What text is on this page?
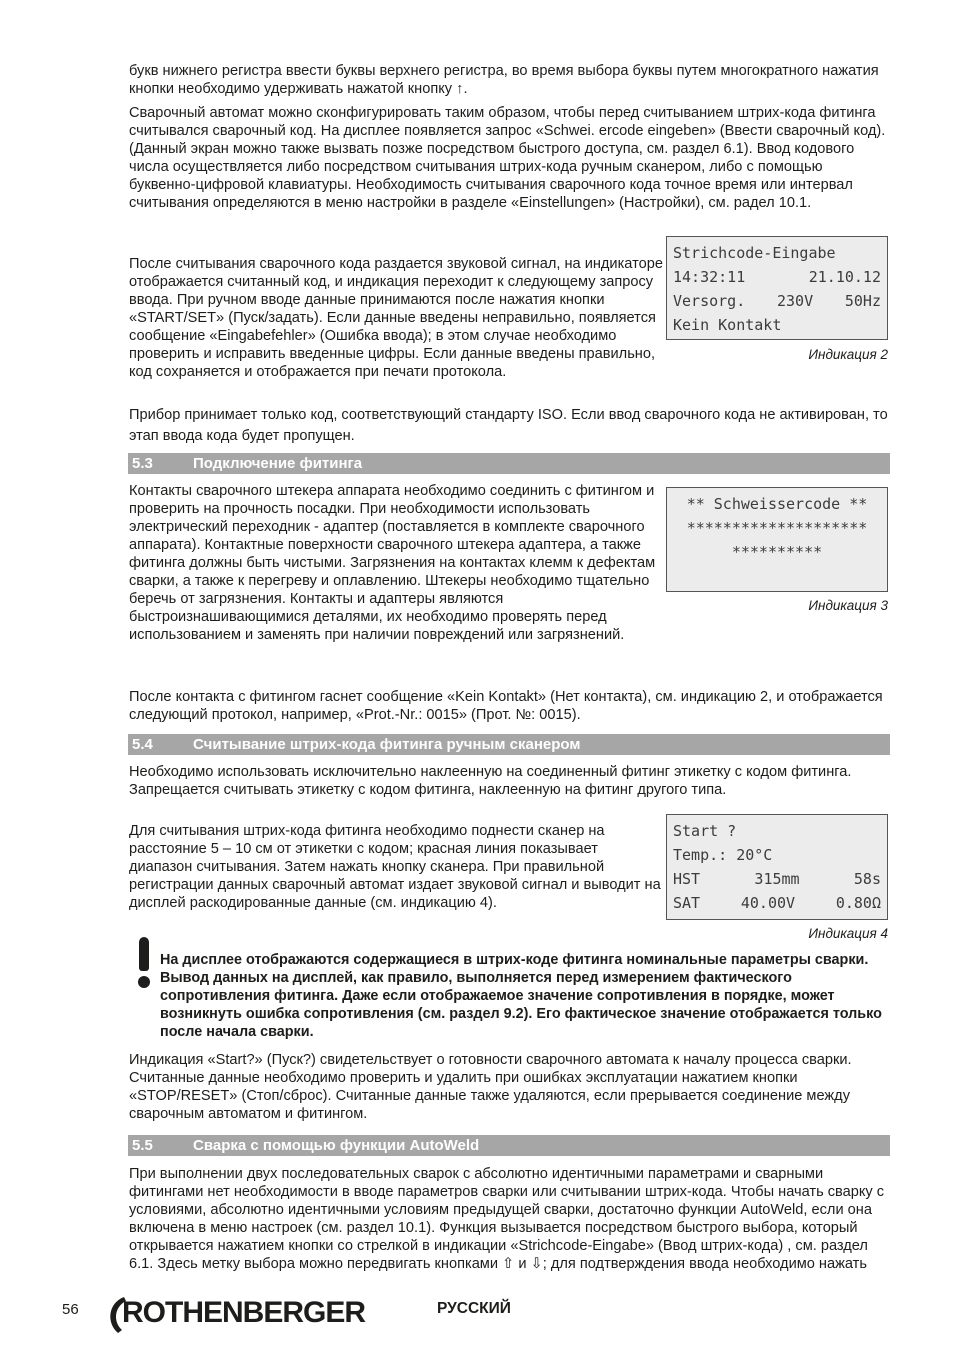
букв нижнего регистра ввести буквы верхнего регистра, во время выбора буквы путем многократного нажатия кнопки необходимо удерживать нажатой кнопку ↑.

Сварочный автомат можно сконфигурировать таким образом, чтобы перед считыванием штрих-кода фитинга считывался сварочный код. На дисплее появляется запрос «Schwei. ercode eingeben» (Ввести сварочный код). (Данный экран можно также вызвать позже посредством быстрого доступа, см. раздел 6.1). Ввод кодового числа осуществляется либо посредством считывания штрих-кода ручным сканером, либо с помощью буквенно-цифровой клавиатуры. Необходимость считывания сварочного кода точное время или интервал считывания определяются в меню настройки в разделе «Einstellungen» (Настройки), см. радел 10.1.

После считывания сварочного кода раздается звуковой сигнал, на индикаторе отображается считанный код, и индикация переходит к следующему запросу ввода. При ручном вводе данные принимаются после нажатия кнопки «START/SET» (Пуск/задать). Если данные введены неправильно, появляется сообщение «Eingabefehler» (Ошибка ввода); в этом случае необходимо проверить и исправить введенные цифры. Если данные введены правильно, код сохраняется и отображается при печати протокола.

Strichcode-Eingabe
14:32:11	21.10.12
Versorg. 230V 50Hz
Kein Kontakt
Индикация 2

Прибор принимает только код, соответствующий стандарту ISO. Если ввод сварочного кода не активирован, то этап ввода кода будет пропущен.

5.3	Подключение фитинга

Контакты сварочного штекера аппарата необходимо соединить с фитингом и проверить на прочность посадки. При необходимости использовать электрический переходник - адаптер (поставляется в комплекте сварочного аппарата). Контактные поверхности сварочного штекера адаптера, а также фитинга должны быть чистыми. Загрязнения на контактах клемм к дефектам сварки, а также к перегреву и оплавлению. Штекеры необходимо тщательно беречь от загрязнения. Контакты и адаптеры являются быстроизнашивающимися деталями, их необходимо проверять перед использованием и заменять при наличии повреждений или загрязнений.

** Schweissercode **
********************
**********
Индикация 3

После контакта с фитингом гаснет сообщение «Kein Kontakt» (Нет контакта), см. индикацию 2, и отображается следующий протокол, например, «Prot.-Nr.: 0015» (Прот. №: 0015).

5.4	Считывание штрих-кода фитинга ручным сканером

Необходимо использовать исключительно наклеенную на соединенный фитинг этикетку с кодом фитинга. Запрещается считывать этикетку с кодом фитинга, наклеенную на фитинг другого типа.

Для считывания штрих-кода фитинга необходимо поднести сканер на расстояние 5 – 10 см от этикетки с кодом; красная линия показывает диапазон считывания. Затем нажать кнопку сканера. При правильной регистрации данных сварочный автомат издает звуковой сигнал и выводит на дисплей раскодированные данные (см. индикацию 4).

Start ?
Temp.: 20°C
HST	315mm	58s
SAT	40.00V	0.80Ω
Индикация 4

На дисплее отображаются содержащиеся в штрих-коде фитинга номинальные параметры сварки. Вывод данных на дисплей, как правило, выполняется перед измерением фактического сопротивления фитинга. Даже если отображаемое значение сопротивления в порядке, может возникнуть ошибка сопротивления (см. раздел 9.2). Его фактическое значение отображается только после начала сварки.

Индикация «Start?» (Пуск?) свидетельствует о готовности сварочного автомата к началу процесса сварки. Считанные данные необходимо проверить и удалить при ошибках эксплуатации нажатием кнопки «STOP/RESET» (Стоп/сброс). Считанные данные также удаляются, если прерывается соединение между сварочным автоматом и фитингом.

5.5	Сварка с помощью функции AutoWeld

При выполнении двух последовательных сварок с абсолютно идентичными параметрами и сварными фитингами нет необходимости в вводе параметров сварки или считывании штрих-кода. Чтобы начать сварку с условиями, абсолютно идентичными условиям предыдущей сварки, достаточно функции AutoWeld, если она включена в меню настроек (см. раздел 10.1). Функция вызывается посредством быстрого выбора, который открывается нажатием кнопки со стрелкой в индикации «Strichcode-Eingabe» (Ввод штрих-кода) , см. раздел 6.1. Здесь метку выбора можно передвигать кнопками ⇧ и ⇩; для подтверждения ввода необходимо нажать

56 ROTHENBERGER	РУССКИЙ
